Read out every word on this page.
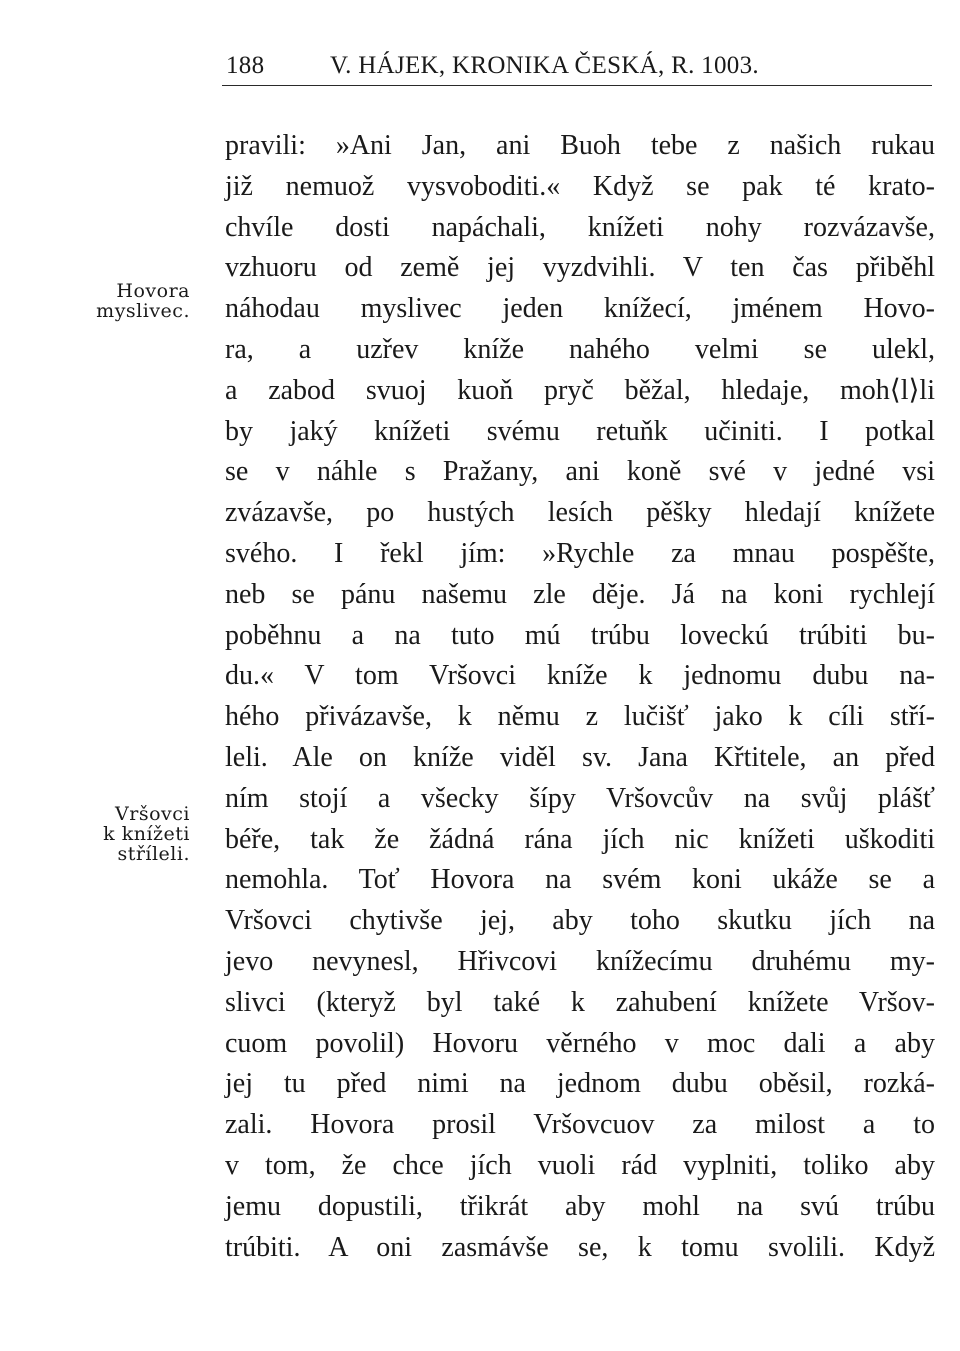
188	V. HÁJEK, KRONIKA ČESKÁ, R. 1003.
Hovora
myslivec.
Vršovci
k knížeti
stříleli.
pravili: »Ani Jan, ani Buoh tebe z našich rukau
již nemuož vysvoboditi.« Když se pak té krato-
chvíle dosti napáchali, knížeti nohy rozvázavše,
vzhuoru od země jej vyzdvihli. V ten čas přiběhl
náhodau myslivec jeden knížecí, jménem Hovo-
ra, a uzřev kníže nahého velmi se ulekl,
a zabod svuoj kuoň pryč běžal, hledaje, moh⟨l⟩li
by jaký knížeti svému retuňk učiniti. I potkal
se v náhle s Pražany, ani koně své v jedné vsi
zvázavše, po hustých lesích pěšky hledají knížete
svého. I řekl jím: »Rychle za mnau pospěšte,
neb se pánu našemu zle děje. Já na koni rychlejí
poběhnu a na tuto mú trúbu loveckú trúbiti bu-
du.« V tom Vršovci kníže k jednomu dubu na-
hého přivázavše, k němu z lučišť jako k cíli stří-
leli. Ale on kníže viděl sv. Jana Křtitele, an před
ním stojí a všecky šípy Vršovcův na svůj plášť
béře, tak že žádná rána jích nic knížeti uškoditi
nemohla. Toť Hovora na svém koni ukáže se a
Vršovci chytivše jej, aby toho skutku jích na
jevo nevynesl, Hřivcovi knížecímu druhému my-
slivci (kteryž byl také k zahubení knížete Vršov-
cuom povolil) Hovoru věrného v moc dali a aby
jej tu před nimi na jednom dubu oběsil, rozká-
zali. Hovora prosil Vršovcuov za milost a to
v tom, že chce jích vuoli rád vyplniti, toliko aby
jemu dopustili, třikrát aby mohl na svú trúbu
trúbiti. A oni zasmávše se, k tomu svolili. Když
